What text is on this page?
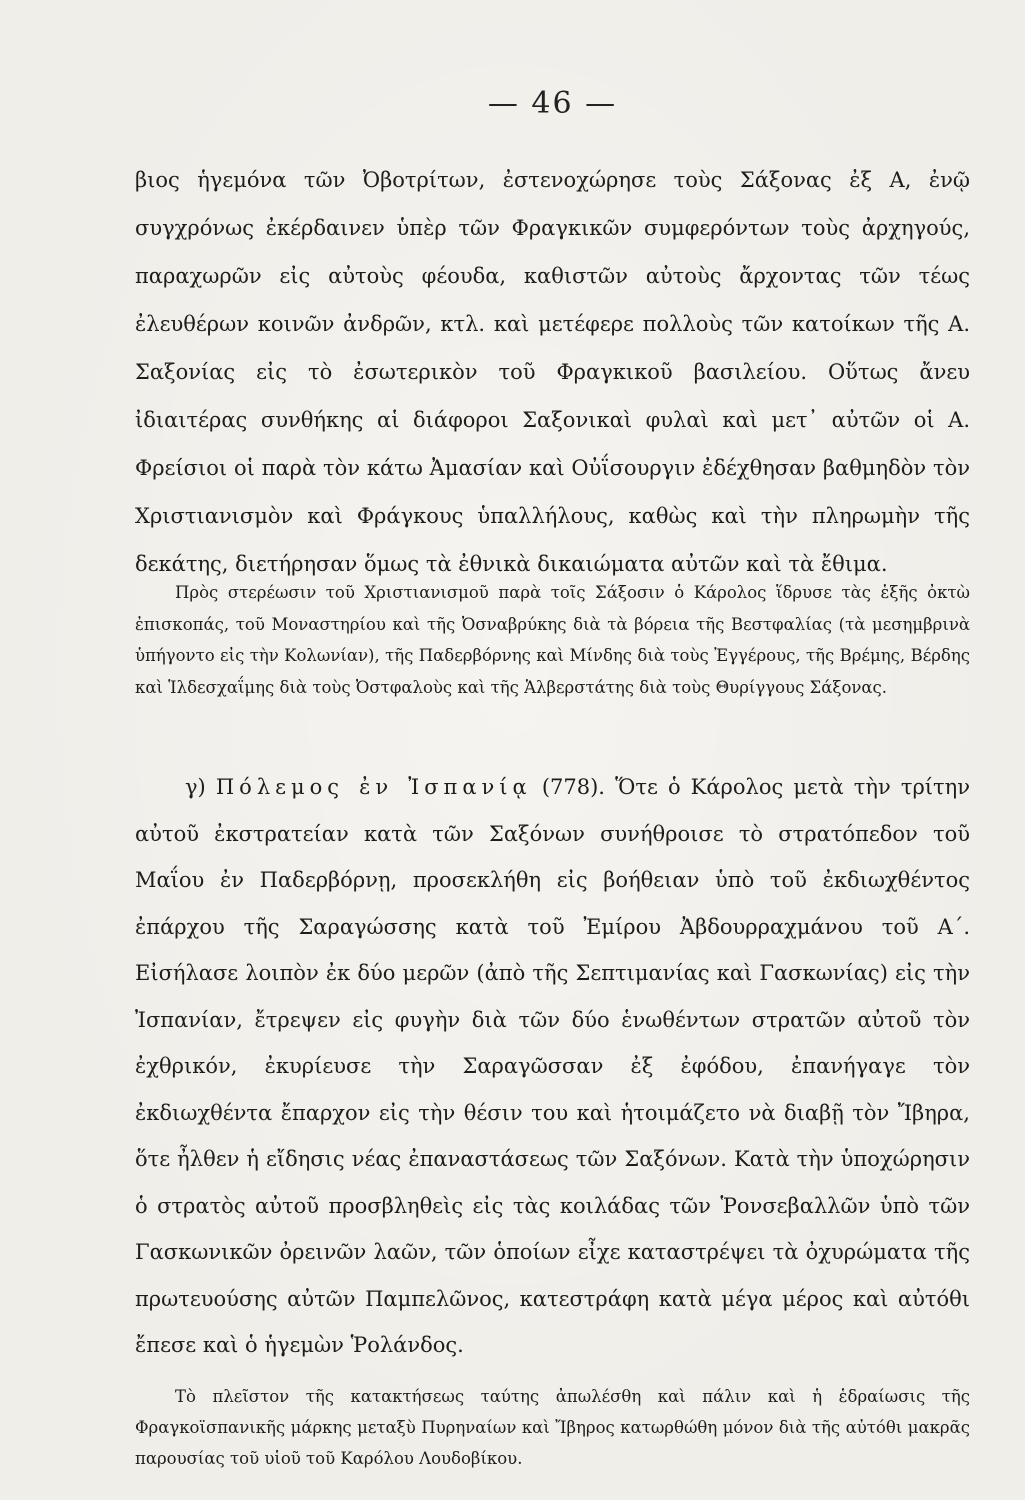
— 46 —

βιος ἡγεμόνα τῶν Ὀβοτρίτων, ἐστενοχώρησε τοὺς Σάξονας ἐξ Α, ἐνῷ συγχρόνως ἐκέρδαινεν ὑπὲρ τῶν Φραγκικῶν συμφερόντων τοὺς ἀρχηγούς, παραχωρῶν εἰς αὐτοὺς φέουδα, καθιστῶν αὐτοὺς ἄρχοντας τῶν τέως ἐλευθέρων κοινῶν ἀνδρῶν, κτλ. καὶ μετέφερε πολλοὺς τῶν κατοίκων τῆς Α. Σαξονίας εἰς τὸ ἐσωτερικὸν τοῦ Φραγκικοῦ βασιλείου. Οὕτως ἄνευ ἰδιαιτέρας συνθήκης αἱ διάφοροι Σαξονικαὶ φυλαὶ καὶ μετ᾽ αὐτῶν οἱ Α. Φρείσιοι οἱ παρὰ τὸν κάτω Ἀμασίαν καὶ Οὐΐσουργιν ἐδέχθησαν βαθμηδὸν τὸν Χριστιανισμὸν καὶ Φράγκους ὑπαλλήλους, καθὼς καὶ τὴν πληρωμὴν τῆς δεκάτης, διετήρησαν ὅμως τὰ ἐθνικὰ δικαιώματα αὐτῶν καὶ τὰ ἔθιμα.

Πρὸς στερέωσιν τοῦ Χριστιανισμοῦ παρὰ τοῖς Σάξοσιν ὁ Κάρολος ἵδρυσε τὰς ἑξῆς ὀκτὼ ἐπισκοπάς, τοῦ Μοναστηρίου καὶ τῆς Ὀσναβρύκης διὰ τὰ βόρεια τῆς Βεστφαλίας (τὰ μεσημβρινὰ ὑπήγοντο εἰς τὴν Κολωνίαν), τῆς Παδερβόρνης καὶ Μίνδης διὰ τοὺς Ἐγγέρους, τῆς Βρέμης, Βέρδης καὶ Ἱλδεσχαΐμης διὰ τοὺς Ὀστφαλοὺς καὶ τῆς Ἁλβερστάτης διὰ τοὺς Θυρίγγους Σάξονας.

γ) Πόλεμος ἐν Ἰσπανίᾳ (778). Ὅτε ὁ Κάρολος μετὰ τὴν τρίτην αὐτοῦ ἐκστρατείαν κατὰ τῶν Σαξόνων συνήθροισε τὸ στρατόπεδον τοῦ Μαΐου ἐν Παδερβόρνῃ, προσεκλήθη εἰς βοήθειαν ὑπὸ τοῦ ἐκδιωχθέντος ἐπάρχου τῆς Σαραγώσσης κατὰ τοῦ Ἐμίρου Ἀβδουρραχμάνου τοῦ Α΄. Εἰσήλασε λοιπὸν ἐκ δύο μερῶν (ἀπὸ τῆς Σεπτιμανίας καὶ Γασκωνίας) εἰς τὴν Ἰσπανίαν, ἔτρεψεν εἰς φυγὴν διὰ τῶν δύο ἑνωθέντων στρατῶν αὐτοῦ τὸν ἐχθρικόν, ἐκυρίευσε τὴν Σαραγῶσσαν ἐξ ἐφόδου, ἐπανήγαγε τὸν ἐκδιωχθέντα ἔπαρχον εἰς τὴν θέσιν του καὶ ἡτοιμάζετο νὰ διαβῇ τὸν Ἴβηρα, ὅτε ἦλθεν ἡ εἴδησις νέας ἐπαναστάσεως τῶν Σαξόνων. Κατὰ τὴν ὑποχώρησιν ὁ στρατὸς αὐτοῦ προσβληθεὶς εἰς τὰς κοιλάδας τῶν Ῥονσεβαλλῶν ὑπὸ τῶν Γασκωνικῶν ὀρεινῶν λαῶν, τῶν ὁποίων εἶχε καταστρέψει τὰ ὀχυρώματα τῆς πρωτευούσης αὐτῶν Παμπελῶνος, κατεστράφη κατὰ μέγα μέρος καὶ αὐτόθι ἔπεσε καὶ ὁ ἡγεμὼν Ῥολάνδος.

Τὸ πλεῖστον τῆς κατακτήσεως ταύτης ἀπωλέσθη καὶ πάλιν καὶ ἡ ἑδραίωσις τῆς Φραγκοϊσπανικῆς μάρκης μεταξὺ Πυρηναίων καὶ Ἴβηρος κατωρθώθη μόνον διὰ τῆς αὐτόθι μακρᾶς παρουσίας τοῦ υἱοῦ τοῦ Καρόλου Λουδοβίκου.
